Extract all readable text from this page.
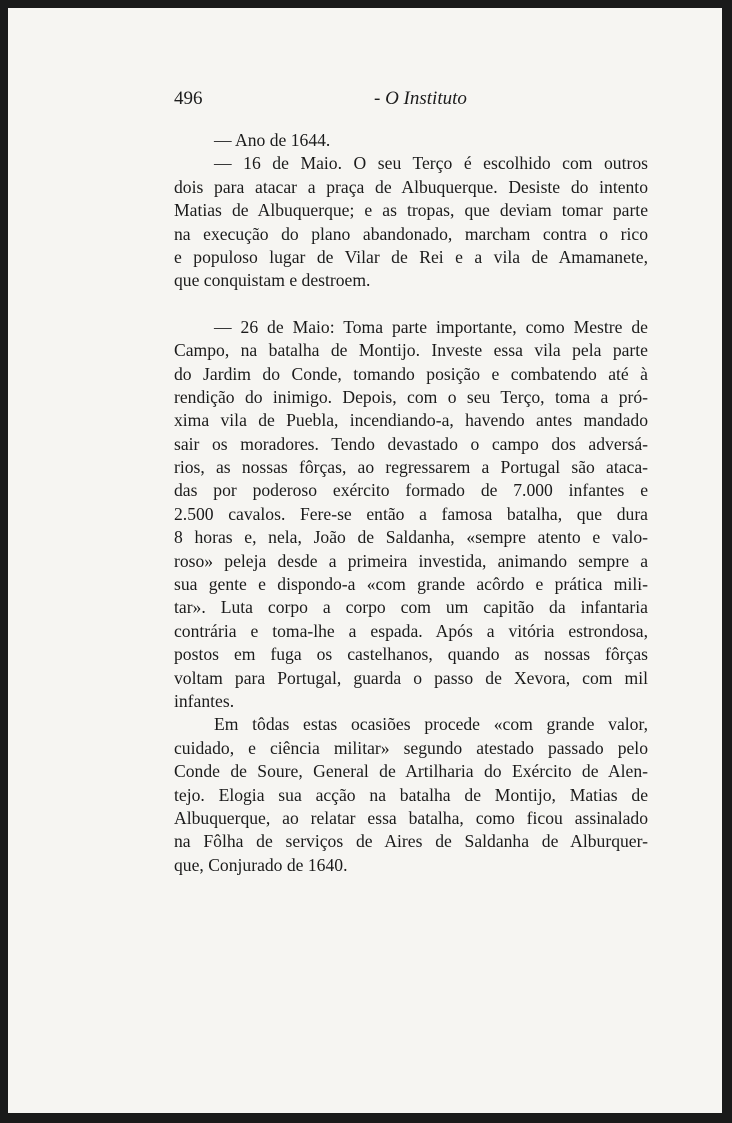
496	- O Instituto
— Ano de 1644.
— 16 de Maio. O seu Terço é escolhido com outros
dois para atacar a praça de Albuquerque. Desiste do intento
Matias de Albuquerque; e as tropas, que deviam tomar parte
na execução do plano abandonado, marcham contra o rico
e populoso lugar de Vilar de Rei e a vila de Amamanete,
que conquistam e destroem.
— 26 de Maio: Toma parte importante, como Mestre de
Campo, na batalha de Montijo. Investe essa vila pela parte
do Jardim do Conde, tomando posição e combatendo até à
rendição do inimigo. Depois, com o seu Terço, toma a pró-
xima vila de Puebla, incendiando-a, havendo antes mandado
sair os moradores. Tendo devastado o campo dos adversá-
rios, as nossas fôrças, ao regressarem a Portugal são ataca-
das por poderoso exército formado de 7.000 infantes e
2.500 cavalos. Fere-se então a famosa batalha, que dura
8 horas e, nela, João de Saldanha, «sempre atento e valo-
roso» peleja desde a primeira investida, animando sempre a
sua gente e dispondo-a «com grande acôrdo e prática mili-
tar». Luta corpo a corpo com um capitão da infantaria
contrária e toma-lhe a espada. Após a vitória estrondosa,
postos em fuga os castelhanos, quando as nossas fôrças
voltam para Portugal, guarda o passo de Xevora, com mil
infantes.
Em tôdas estas ocasiões procede «com grande valor,
cuidado, e ciência militar» segundo atestado passado pelo
Conde de Soure, General de Artilharia do Exército de Alen-
tejo. Elogia sua acção na batalha de Montijo, Matias de
Albuquerque, ao relatar essa batalha, como ficou assinalado
na Fôlha de serviços de Aires de Saldanha de Alburquer-
que, Conjurado de 1640.
